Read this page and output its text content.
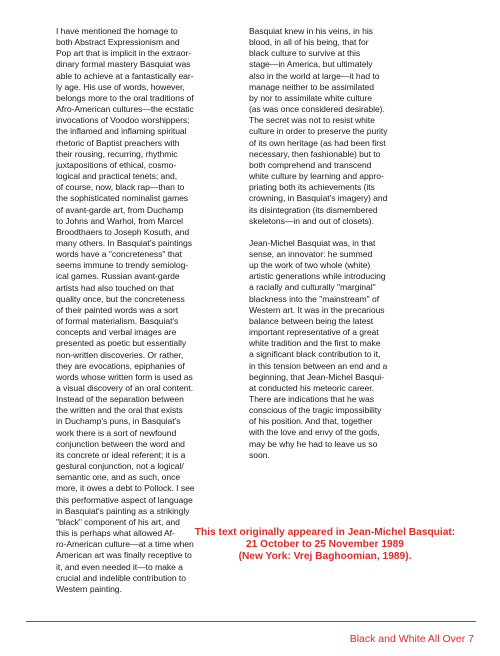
I have mentioned the homage to
both Abstract Expressionism and
Pop art that is implicit in the extraor-
dinary formal mastery Basquiat was
able to achieve at a fantastically ear-
ly age. His use of words, however,
belongs more to the oral traditions of
Afro-American cultures—the ecstatic
invocations of Voodoo worshippers;
the inflamed and inflaming spiritual
rhetoric of Baptist preachers with
their rousing, recurring, rhythmic
juxtapositions of ethical, cosmo-
logical and practical tenets; and,
of course, now, black rap—than to
the sophisticated nominalist games
of avant-garde art, from Duchamp
to Johns and Warhol, from Marcel
Broodthaers to Joseph Kosuth, and
many others. In Basquiat's paintings
words have a "concreteness" that
seems immune to trendy semiolog-
ical games. Russian avant-garde
artists had also touched on that
quality once, but the concreteness
of their painted words was a sort
of formal materialism. Basquiat's
concepts and verbal images are
presented as poetic but essentially
non-written discoveries. Or rather,
they are evocations, epiphanies of
words whose written form is used as
a visual discovery of an oral content.
Instead of the separation between
the written and the oral that exists
in Duchamp's puns, in Basquiat's
work there is a sort of newfound
conjunction between the word and
its concrete or ideal referent; it is a
gestural conjunction, not a logical/
semantic one, and as such, once
more, it owes a debt to Pollock. I see
this performative aspect of language
in Basquiat's painting as a strikingly
"black" component of his art, and
this is perhaps what allowed Af-
ro-American culture—at a time when
American art was finally receptive to
it, and even needed it—to make a
crucial and indelible contribution to
Western painting.
Basquiat knew in his veins, in his
blood, in all of his being, that for
black culture to survive at this
stage—in America, but ultimately
also in the world at large—it had to
manage neither to be assimilated
by nor to assimilate white culture
(as was once considered desirable).
The secret was not to resist white
culture in order to preserve the purity
of its own heritage (as had been first
necessary, then fashionable) but to
both comprehend and transcend
white culture by learning and appro-
priating both its achievements (its
crowning, in Basquiat's imagery) and
its disintegration (its dismembered
skeletons—in and out of closets).
Jean-Michel Basquiat was, in that
sense, an innovator: he summed
up the work of two whole (white)
artistic generations while introducing
a racially and culturally "marginal"
blackness into the "mainstream" of
Western art. It was in the precarious
balance between being the latest
important representative of a great
white tradition and the first to make
a significant black contribution to it,
in this tension between an end and a
beginning, that Jean-Michel Basqui-
at conducted his meteoric career.
There are indications that he was
conscious of the tragic impossibility
of his position. And that, together
with the love and envy of the gods,
may be why he had to leave us so
soon.
This text originally appeared in Jean-Michel Basquiat:
21 October to 25 November 1989
(New York: Vrej Baghoomian, 1989).
Black and White All Over 7
